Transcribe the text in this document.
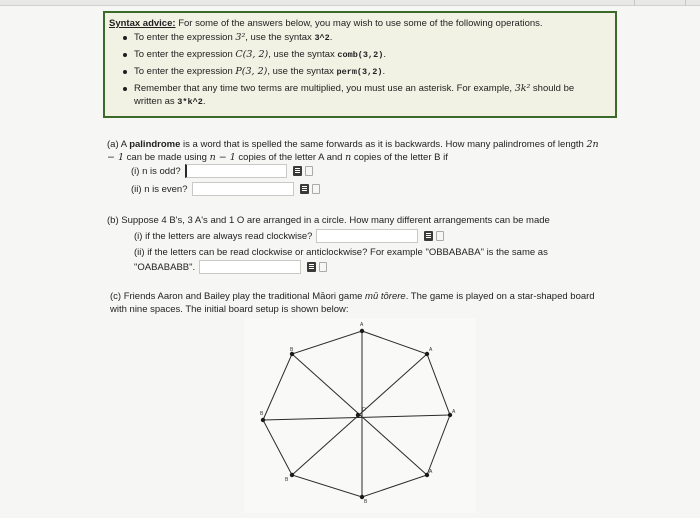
Syntax advice: For some of the answers below, you may wish to use some of the following operations.
To enter the expression 3², use the syntax 3^2.
To enter the expression C(3, 2), use the syntax comb(3,2).
To enter the expression P(3, 2), use the syntax perm(3,2).
Remember that any time two terms are multiplied, you must use an asterisk. For example, 3k² should be written as 3*k^2.
(a) A palindrome is a word that is spelled the same forwards as it is backwards. How many palindromes of length 2n − 1 can be made using n − 1 copies of the letter A and n copies of the letter B if
(i) n is odd?
(ii) n is even?
(b) Suppose 4 B's, 3 A's and 1 O are arranged in a circle. How many different arrangements can be made
(i) if the letters are always read clockwise?
(ii) if the letters can be read clockwise or anticlockwise? For example "OBBABABA" is the same as
"OABABABB".
(c) Friends Aaron and Bailey play the traditional Māori game mū tōrere. The game is played on a star-shaped board
with nine spaces. The initial board setup is shown below:
A
A
A
A
B
B
B
B
O
